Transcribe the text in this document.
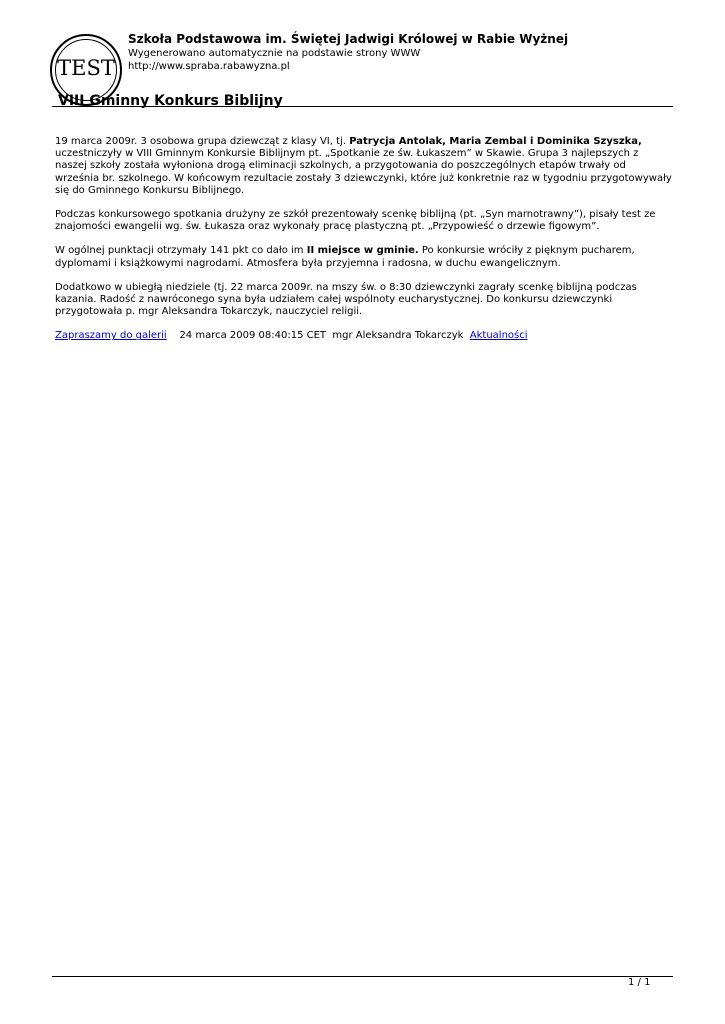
TEST

Szkoła Podstawowa im. Świętej Jadwigi Królowej w Rabie Wyżnej

Wygenerowano automatycznie na podstawie strony WWW

http://www.spraba.rabawyzna.pl

VIII Gminny Konkurs Biblijny

19 marca 2009r. 3 osobowa grupa dziewcząt z klasy VI, tj. Patrycja Antolak, Maria Zembal i Dominika Szyszka, uczestniczyły w VIII Gminnym Konkursie Biblijnym pt. „Spotkanie ze św. Łukaszem” w Skawie. Grupa 3 najlepszych z naszej szkoły została wyłoniona drogą eliminacji szkolnych, a przygotowania do poszczególnych etapów trwały od września br. szkolnego. W końcowym rezultacie zostały 3 dziewczynki, które już konkretnie raz w tygodniu przygotowywały się do Gminnego Konkursu Biblijnego.

Podczas konkursowego spotkania drużyny ze szkół prezentowały scenkę biblijną (pt. „Syn marnotrawny”), pisały test ze znajomości ewangelii wg. św. Łukasza oraz wykonały pracę plastyczną pt. „Przypowieść o drzewie figowym”.

W ogólnej punktacji otrzymały 141 pkt co dało im II miejsce w gminie. Po konkursie wróciły z pięknym pucharem, dyplomami i książkowymi nagrodami. Atmosfera była przyjemna i radosna, w duchu ewangelicznym.

Dodatkowo w ubiegłą niedziele (tj. 22 marca 2009r. na mszy św. o 8:30 dziewczynki zagrały scenkę biblijną podczas kazania. Radość z nawróconego syna była udziałem całej wspólnoty eucharystycznej. Do konkursu dziewczynki przygotowała p. mgr Aleksandra Tokarczyk, nauczyciel religii.

Zapraszamy do galerii 24 marca 2009 08:40:15 CET mgr Aleksandra Tokarczyk Aktualności
1 / 1
